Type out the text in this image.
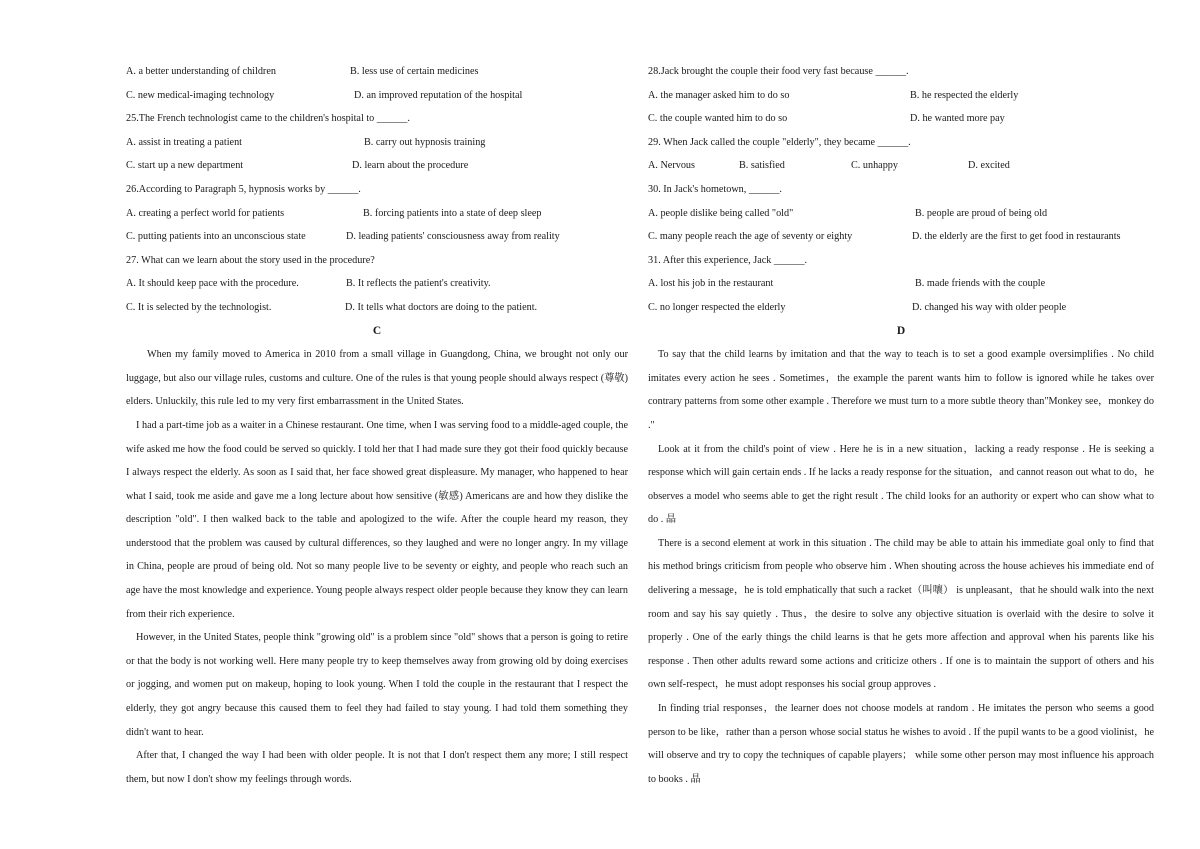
A. a better understanding of children	B. less use of certain medicines
C. new medical-imaging technology	D. an improved reputation of the hospital
25.The French technologist came to the children's hospital to ______.
A. assist in treating a patient	B. carry out hypnosis training
C. start up a new department	D. learn about the procedure
26.According to Paragraph 5, hypnosis works by ______.
A. creating a perfect world for patients	B. forcing patients into a state of deep sleep
C. putting patients into an unconscious state	D. leading patients' consciousness away from reality
27. What can we learn about the story used in the procedure?
A. It should keep pace with the procedure.	B. It reflects the patient's creativity.
C. It is selected by the technologist.	D. It tells what doctors are doing to the patient.
C

When my family moved to America in 2010 from a small village in Guangdong, China, we brought not only our luggage, but also our village rules, customs and culture. One of the rules is that young people should always respect (尊敬) elders. Unluckily, this rule led to my very first embarrassment in the United States.

I had a part-time job as a waiter in a Chinese restaurant. One time, when I was serving food to a middle-aged couple, the wife asked me how the food could be served so quickly. I told her that I had made sure they got their food quickly because I always respect the elderly. As soon as I said that, her face showed great displeasure. My manager, who happened to hear what I said, took me aside and gave me a long lecture about how sensitive (敏感) Americans are and how they dislike the description "old". I then walked back to the table and apologized to the wife. After the couple heard my reason, they understood that the problem was caused by cultural differences, so they laughed and were no longer angry. In my village in China, people are proud of being old. Not so many people live to be seventy or eighty, and people who reach such an age have the most knowledge and experience. Young people always respect older people because they know they can learn from their rich experience.

However, in the United States, people think "growing old" is a problem since "old" shows that a person is going to retire or that the body is not working well. Here many people try to keep themselves away from growing old by doing exercises or jogging, and women put on makeup, hoping to look young. When I told the couple in the restaurant that I respect the elderly, they got angry because this caused them to feel they had failed to stay young. I had told them something they didn't want to hear.

After that, I changed the way I had been with older people. It is not that I don't respect them any more; I still respect them, but now I don't show my feelings through words.

28.Jack brought the couple their food very fast because ______.
A. the manager asked him to do so	B. he respected the elderly
C. the couple wanted him to do so	D. he wanted more pay
29. When Jack called the couple "elderly", they became ______.
A. Nervous	B. satisfied	C. unhappy	D. excited
30. In Jack's hometown, ______.
A. people dislike being called "old"	B. people are proud of being old
C. many people reach the age of seventy or eighty	D. the elderly are the first to get food in restaurants
31. After this experience, Jack ______.
A. lost his job in the restaurant	B. made friends with the couple
C. no longer respected the elderly	D. changed his way with older people
D

To say that the child learns by imitation and that the way to teach is to set a good example oversimplifies . No child imitates every action he sees . Sometimes，the example the parent wants him to follow is ignored while he takes over contrary patterns from some other example . Therefore we must turn to a more subtle theory than"Monkey see，monkey do ."

Look at it from the child's point of view . Here he is in a new situation，lacking a ready response . He is seeking a response which will gain certain ends . If he lacks a ready response for the situation，and cannot reason out what to do，he observes a model who seems able to get the right result . The child looks for an authority or expert who can show what to do . 晶

There is a second element at work in this situation . The child may be able to attain his immediate goal only to find that his method brings criticism from people who observe him . When shouting across the house achieves his immediate end of delivering a message，he is told emphatically that such a racket（叫嚷） is unpleasant，that he should walk into the next room and say his say quietly . Thus，the desire to solve any objective situation is overlaid with the desire to solve it properly . One of the early things the child learns is that he gets more affection and approval when his parents like his response . Then other adults reward some actions and criticize others . If one is to maintain the support of others and his own self-respect，he must adopt responses his social group approves .

In finding trial responses，the learner does not choose models at random . He imitates the person who seems a good person to be like，rather than a person whose social status he wishes to avoid . If the pupil wants to be a good violinist，he will observe and try to copy the techniques of capable players； while some other person may most influence his approach to books . 晶
